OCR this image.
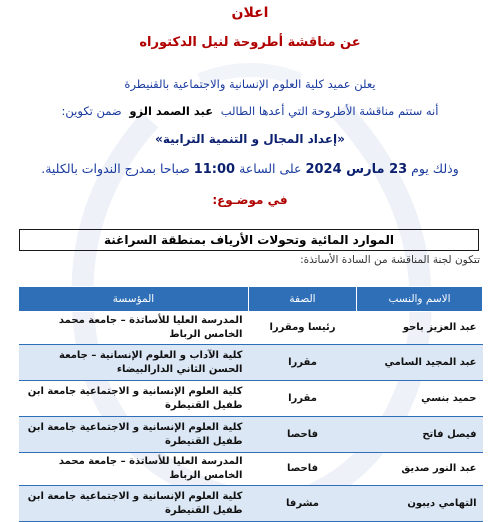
اعلان
عن مناقشة أطروحة لنيل الدكتوراه
يعلن عميد كلية العلوم الإنسانية والاجتماعية بالقنيطرة
أنه ستتم مناقشة الأطروحة التي أعدها الطالب عبد الصمد الزو ضمن تكوين:
«إعداد المجال و التنمية الترابية»
وذلك يوم 23 مارس 2024 على الساعة 11:00 صباحا بمدرج الندوات بالكلية.
في موضـوع:
الموارد المائية وتحولات الأرياف بمنطقة السراغنة
تتكون لجنة المناقشة من السادة الأساتذة:
الاسم والنسب	الصفة	المؤسسة
عبد العزيز باحو	رئيسا ومقررا	المدرسة العليا للأساتذة – جامعة محمد الخامس الرباط
عبد المجيد السامي	مقررا	كلية الآداب و العلوم الإنسانية – جامعة الحسن الثاني الدارالبيضاء
حميد بنسي	مقررا	كلية العلوم الإنسانية و الاجتماعية جامعة ابن طفيل القنيطرة
فيصل فاتح	فاحصا	كلية العلوم الإنسانية و الاجتماعية جامعة ابن طفيل القنيطرة
عبد النور صديق	فاحصا	المدرسة العليا للأساتذة – جامعة محمد الخامس الرباط
التهامي ديبون	مشرفا	كلية العلوم الإنسانية و الاجتماعية جامعة ابن طفيل القنيطرة
